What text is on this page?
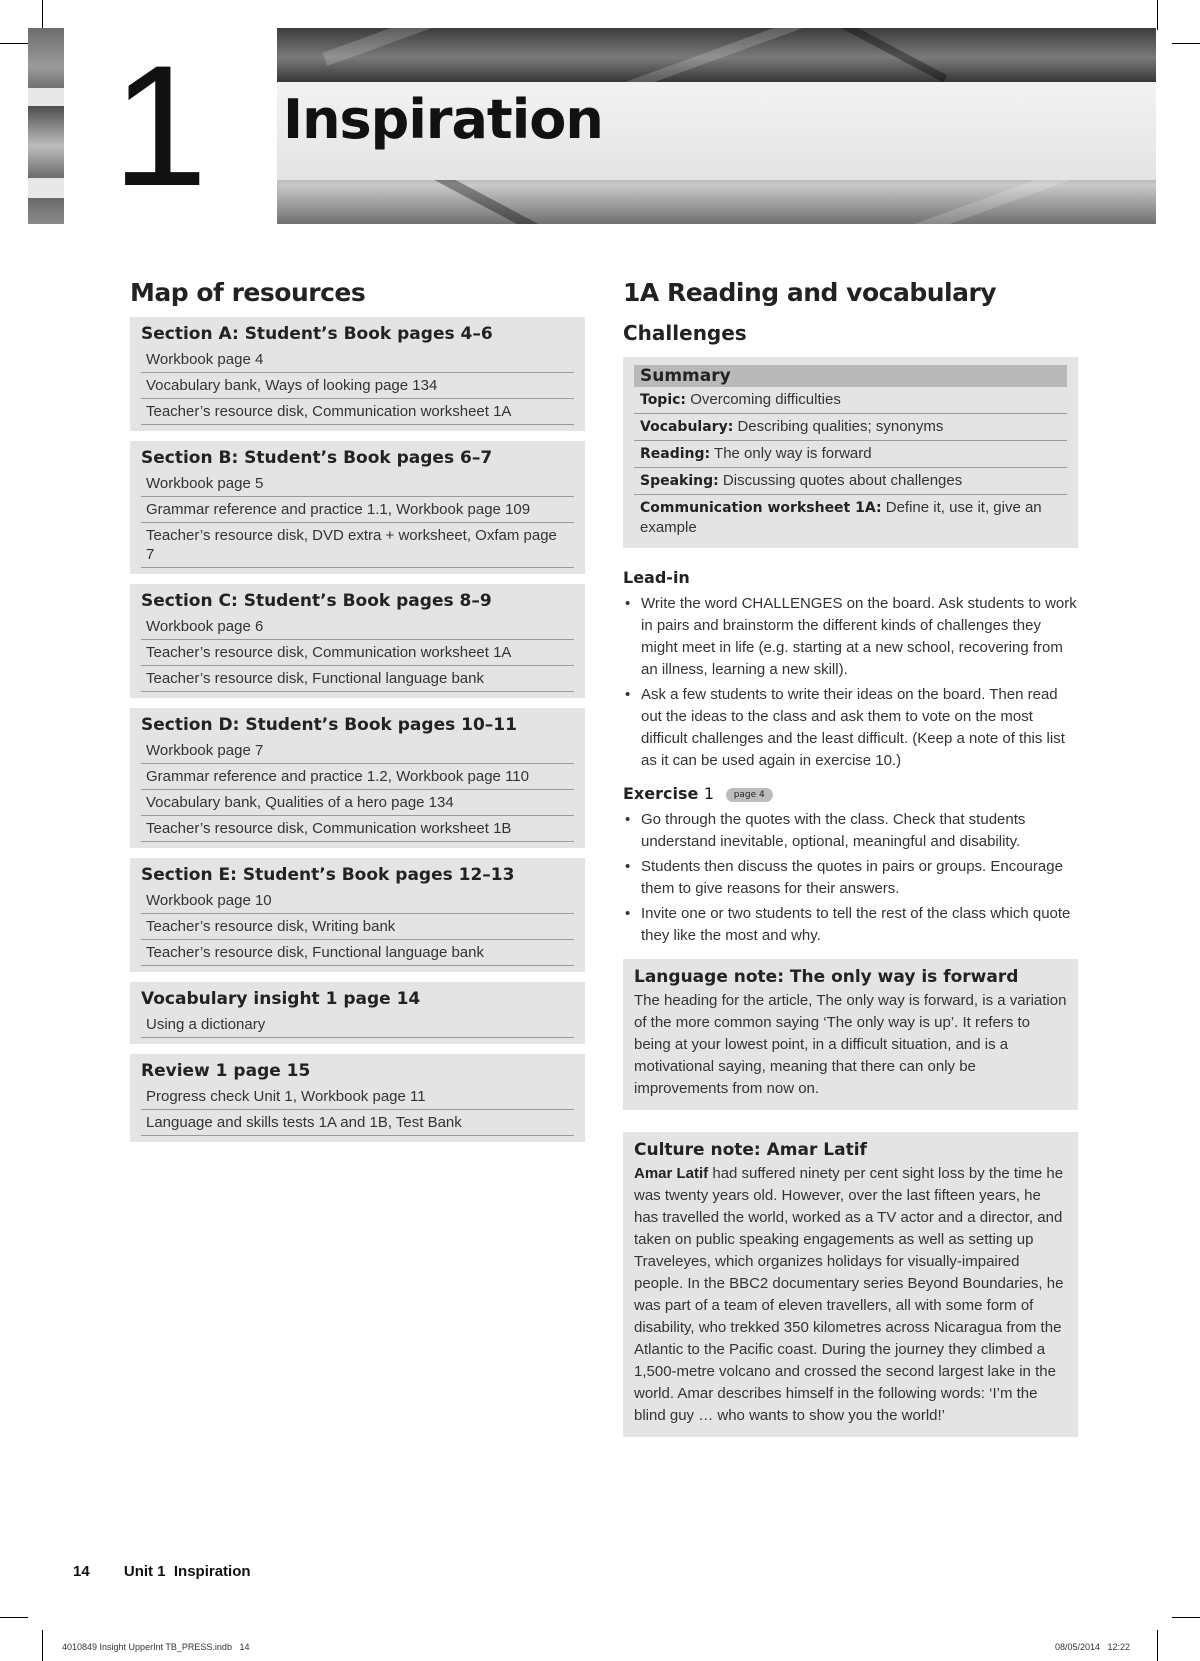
1 Inspiration
Map of resources
Section A: Student’s Book pages 4–6
Workbook page 4
Vocabulary bank, Ways of looking page 134
Teacher’s resource disk, Communication worksheet 1A
Section B: Student’s Book pages 6–7
Workbook page 5
Grammar reference and practice 1.1, Workbook page 109
Teacher’s resource disk, DVD extra + worksheet, Oxfam page 7
Section C: Student’s Book pages 8–9
Workbook page 6
Teacher’s resource disk, Communication worksheet 1A
Teacher’s resource disk, Functional language bank
Section D: Student’s Book pages 10–11
Workbook page 7
Grammar reference and practice 1.2, Workbook page 110
Vocabulary bank, Qualities of a hero page 134
Teacher’s resource disk, Communication worksheet 1B
Section E: Student’s Book pages 12–13
Workbook page 10
Teacher’s resource disk, Writing bank
Teacher’s resource disk, Functional language bank
Vocabulary insight 1 page 14
Using a dictionary
Review 1 page 15
Progress check Unit 1, Workbook page 11
Language and skills tests 1A and 1B, Test Bank
1A Reading and vocabulary
Challenges
Summary
Topic: Overcoming difficulties
Vocabulary: Describing qualities; synonyms
Reading: The only way is forward
Speaking: Discussing quotes about challenges
Communication worksheet 1A: Define it, use it, give an example
Lead-in
• Write the word CHALLENGES on the board. Ask students to work in pairs and brainstorm the different kinds of challenges they might meet in life (e.g. starting at a new school, recovering from an illness, learning a new skill).
• Ask a few students to write their ideas on the board. Then read out the ideas to the class and ask them to vote on the most difficult challenges and the least difficult. (Keep a note of this list as it can be used again in exercise 10.)
Exercise 1 page 4
• Go through the quotes with the class. Check that students understand inevitable, optional, meaningful and disability.
• Students then discuss the quotes in pairs or groups. Encourage them to give reasons for their answers.
• Invite one or two students to tell the rest of the class which quote they like the most and why.
Language note: The only way is forward
The heading for the article, The only way is forward, is a variation of the more common saying ‘The only way is up’. It refers to being at your lowest point, in a difficult situation, and is a motivational saying, meaning that there can only be improvements from now on.
Culture note: Amar Latif
Amar Latif had suffered ninety per cent sight loss by the time he was twenty years old. However, over the last fifteen years, he has travelled the world, worked as a TV actor and a director, and taken on public speaking engagements as well as setting up Traveleyes, which organizes holidays for visually-impaired people. In the BBC2 documentary series Beyond Boundaries, he was part of a team of eleven travellers, all with some form of disability, who trekked 350 kilometres across Nicaragua from the Atlantic to the Pacific coast. During the journey they climbed a 1,500-metre volcano and crossed the second largest lake in the world. Amar describes himself in the following words: ‘I’m the blind guy … who wants to show you the world!’
14 Unit 1  Inspiration
4010849 Insight UpperInt TB_PRESS.indb   14	08/05/2014   12:22
